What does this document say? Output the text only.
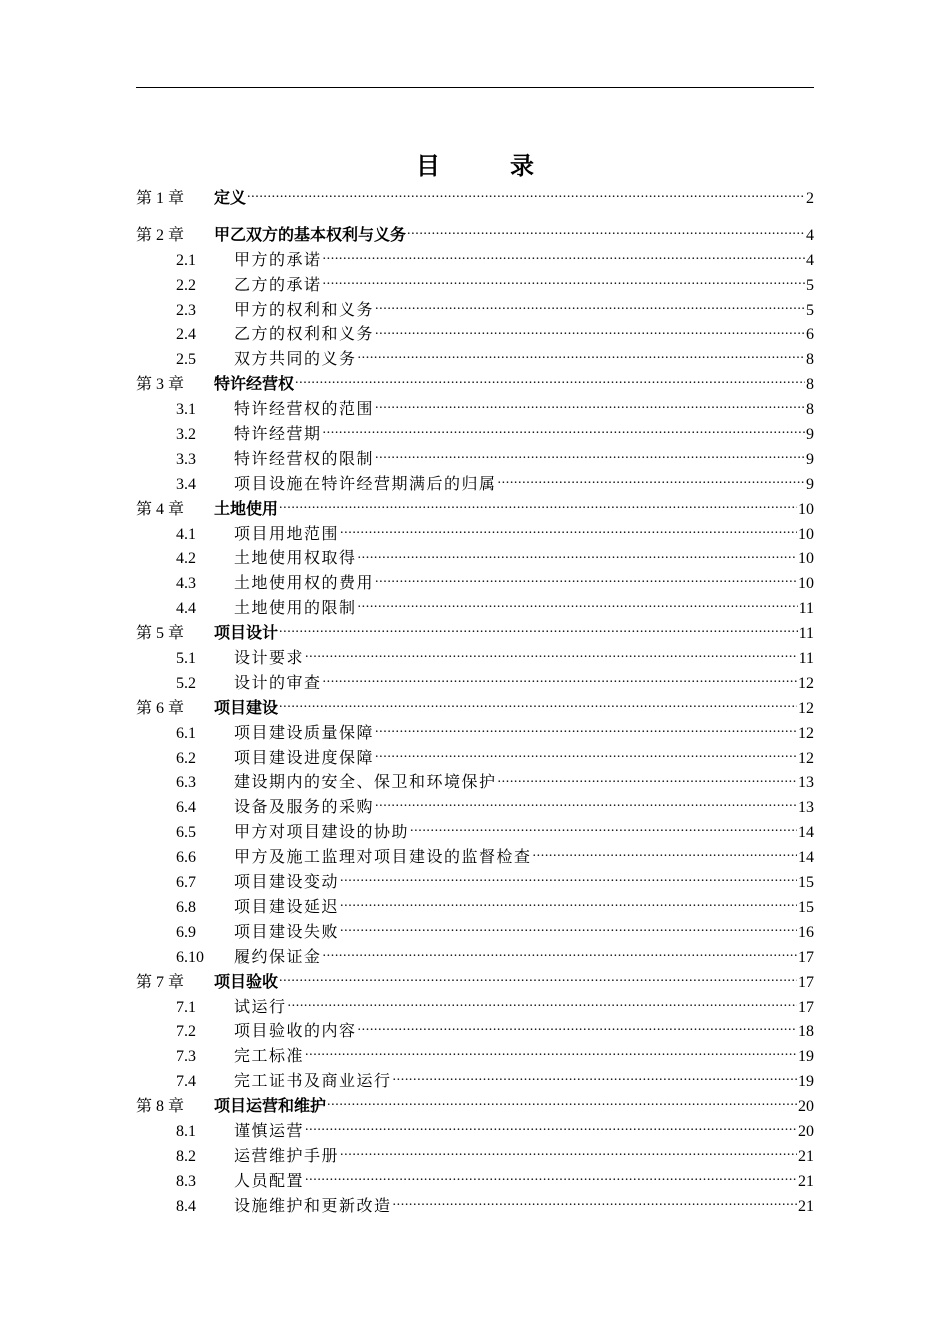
目 录
第 1 章	定义 .....	2
第 2 章	甲乙双方的基本权利与义务 .....	4
2.1	甲方的承诺 .....	4
2.2	乙方的承诺 .....	5
2.3	甲方的权利和义务 .....	5
2.4	乙方的权利和义务 .....	6
2.5	双方共同的义务 .....	8
第 3 章	特许经营权 .....	8
3.1	特许经营权的范围 .....	8
3.2	特许经营期 .....	9
3.3	特许经营权的限制 .....	9
3.4	项目设施在特许经营期满后的归属 .....	9
第 4 章	土地使用 .....	10
4.1	项目用地范围 .....	10
4.2	土地使用权取得 .....	10
4.3	土地使用权的费用 .....	10
4.4	土地使用的限制 .....	11
第 5 章	项目设计 .....	11
5.1	设计要求 .....	11
5.2	设计的审查 .....	12
第 6 章	项目建设 .....	12
6.1	项目建设质量保障 .....	12
6.2	项目建设进度保障 .....	12
6.3	建设期内的安全、保卫和环境保护 .....	13
6.4	设备及服务的采购 .....	13
6.5	甲方对项目建设的协助 .....	14
6.6	甲方及施工监理对项目建设的监督检查 .....	14
6.7	项目建设变动 .....	15
6.8	项目建设延迟 .....	15
6.9	项目建设失败 .....	16
6.10	履约保证金 .....	17
第 7 章	项目验收 .....	17
7.1	试运行 .....	17
7.2	项目验收的内容 .....	18
7.3	完工标准 .....	19
7.4	完工证书及商业运行 .....	19
第 8 章	项目运营和维护 .....	20
8.1	谨慎运营 .....	20
8.2	运营维护手册 .....	21
8.3	人员配置 .....	21
8.4	设施维护和更新改造 .....	21
